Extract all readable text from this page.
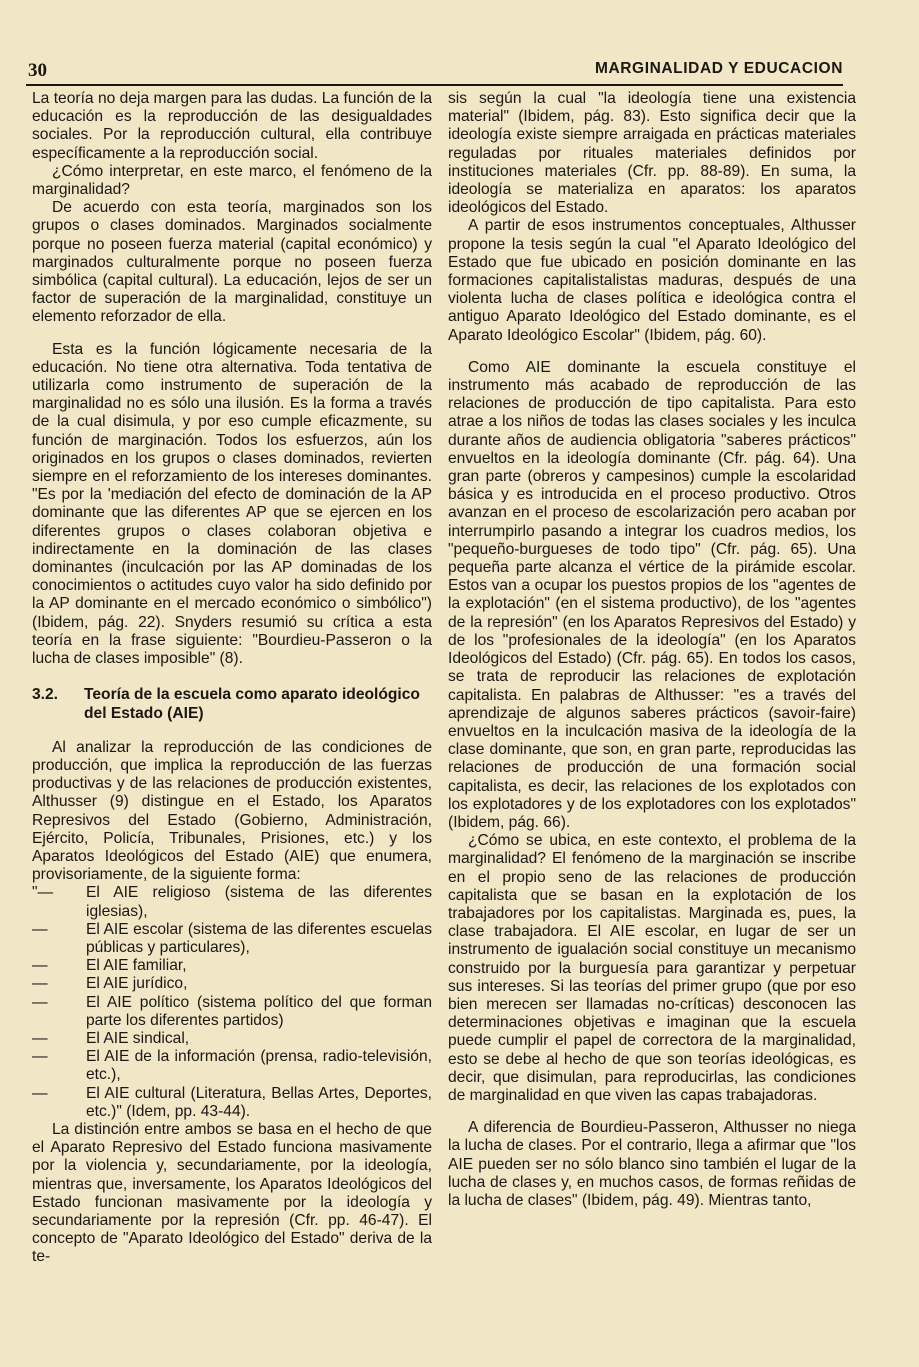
30	MARGINALIDAD Y EDUCACION

La teoría no deja margen para las dudas. La función de la educación es la reproducción de las desigualdades sociales. Por la reproducción cultural, ella contribuye específicamente a la reproducción social.

¿Cómo interpretar, en este marco, el fenómeno de la marginalidad?

De acuerdo con esta teoría, marginados son los grupos o clases dominados. Marginados socialmente porque no poseen fuerza material (capital económico) y marginados culturalmente porque no poseen fuerza simbólica (capital cultural). La educación, lejos de ser un factor de superación de la marginalidad, constituye un elemento reforzador de ella.

Esta es la función lógicamente necesaria de la educación. No tiene otra alternativa. Toda tentativa de utilizarla como instrumento de superación de la marginalidad no es sólo una ilusión. Es la forma a través de la cual disimula, y por eso cumple eficazmente, su función de marginación. Todos los esfuerzos, aún los originados en los grupos o clases dominados, revierten siempre en el reforzamiento de los intereses dominantes. "Es por la 'mediación del efecto de dominación de la AP dominante que las diferentes AP que se ejercen en los diferentes grupos o clases colaboran objetiva e indirectamente en la dominación de las clases dominantes (inculcación por las AP dominadas de los conocimientos o actitudes cuyo valor ha sido definido por la AP dominante en el mercado económico o simbólico") (Ibidem, pág. 22). Snyders resumió su crítica a esta teoría en la frase siguiente: "Bourdieu-Passeron o la lucha de clases imposible" (8).

3.2.	Teoría de la escuela como aparato ideológico del Estado (AIE)

Al analizar la reproducción de las condiciones de producción, que implica la reproducción de las fuerzas productivas y de las relaciones de producción existentes, Althusser (9) distingue en el Estado, los Aparatos Represivos del Estado (Gobierno, Administración, Ejército, Policía, Tribunales, Prisiones, etc.) y los Aparatos Ideológicos del Estado (AIE) que enumera, provisoriamente, de la siguiente forma:

"—	El AIE religioso (sistema de las diferentes iglesias),
—	El AIE escolar (sistema de las diferentes escuelas públicas y particulares),
—	El AIE familiar,
—	El AIE jurídico,
—	El AIE político (sistema político del que forman parte los diferentes partidos)
—	El AIE sindical,
—	El AIE de la información (prensa, radio-televisión, etc.),
—	El AIE cultural (Literatura, Bellas Artes, Deportes, etc.)" (Idem, pp. 43-44).

La distinción entre ambos se basa en el hecho de que el Aparato Represivo del Estado funciona masivamente por la violencia y, secundariamente, por la ideología, mientras que, inversamente, los Aparatos Ideológicos del Estado funcionan masivamente por la ideología y secundariamente por la represión (Cfr. pp. 46-47). El concepto de "Aparato Ideológico del Estado" deriva de la te-

sis según la cual "la ideología tiene una existencia material" (Ibidem, pág. 83). Esto significa decir que la ideología existe siempre arraigada en prácticas materiales reguladas por rituales materiales definidos por instituciones materiales (Cfr. pp. 88-89). En suma, la ideología se materializa en aparatos: los aparatos ideológicos del Estado.

A partir de esos instrumentos conceptuales, Althusser propone la tesis según la cual "el Aparato Ideológico del Estado que fue ubicado en posición dominante en las formaciones capitalistalistas maduras, después de una violenta lucha de clases política e ideológica contra el antiguo Aparato Ideológico del Estado dominante, es el Aparato Ideológico Escolar" (Ibidem, pág. 60).

Como AIE dominante la escuela constituye el instrumento más acabado de reproducción de las relaciones de producción de tipo capitalista. Para esto atrae a los niños de todas las clases sociales y les inculca durante años de audiencia obligatoria "saberes prácticos" envueltos en la ideología dominante (Cfr. pág. 64). Una gran parte (obreros y campesinos) cumple la escolaridad básica y es introducida en el proceso productivo. Otros avanzan en el proceso de escolarización pero acaban por interrumpirlo pasando a integrar los cuadros medios, los "pequeño-burgueses de todo tipo" (Cfr. pág. 65). Una pequeña parte alcanza el vértice de la pirámide escolar. Estos van a ocupar los puestos propios de los "agentes de la explotación" (en el sistema productivo), de los "agentes de la represión" (en los Aparatos Represivos del Estado) y de los "profesionales de la ideología" (en los Aparatos Ideológicos del Estado) (Cfr. pág. 65). En todos los casos, se trata de reproducir las relaciones de explotación capitalista. En palabras de Althusser: "es a través del aprendizaje de algunos saberes prácticos (savoir-faire) envueltos en la inculcación masiva de la ideología de la clase dominante, que son, en gran parte, reproducidas las relaciones de producción de una formación social capitalista, es decir, las relaciones de los explotados con los explotadores y de los explotadores con los explotados" (Ibidem, pág. 66).

¿Cómo se ubica, en este contexto, el problema de la marginalidad? El fenómeno de la marginación se inscribe en el propio seno de las relaciones de producción capitalista que se basan en la explotación de los trabajadores por los capitalistas. Marginada es, pues, la clase trabajadora. El AIE escolar, en lugar de ser un instrumento de igualación social constituye un mecanismo construido por la burguesía para garantizar y perpetuar sus intereses. Si las teorías del primer grupo (que por eso bien merecen ser llamadas no-críticas) desconocen las determinaciones objetivas e imaginan que la escuela puede cumplir el papel de correctora de la marginalidad, esto se debe al hecho de que son teorías ideológicas, es decir, que disimulan, para reproducirlas, las condiciones de marginalidad en que viven las capas trabajadoras.

A diferencia de Bourdieu-Passeron, Althusser no niega la lucha de clases. Por el contrario, llega a afirmar que "los AIE pueden ser no sólo blanco sino también el lugar de la lucha de clases y, en muchos casos, de formas reñidas de la lucha de clases" (Ibidem, pág. 49). Mientras tanto,
